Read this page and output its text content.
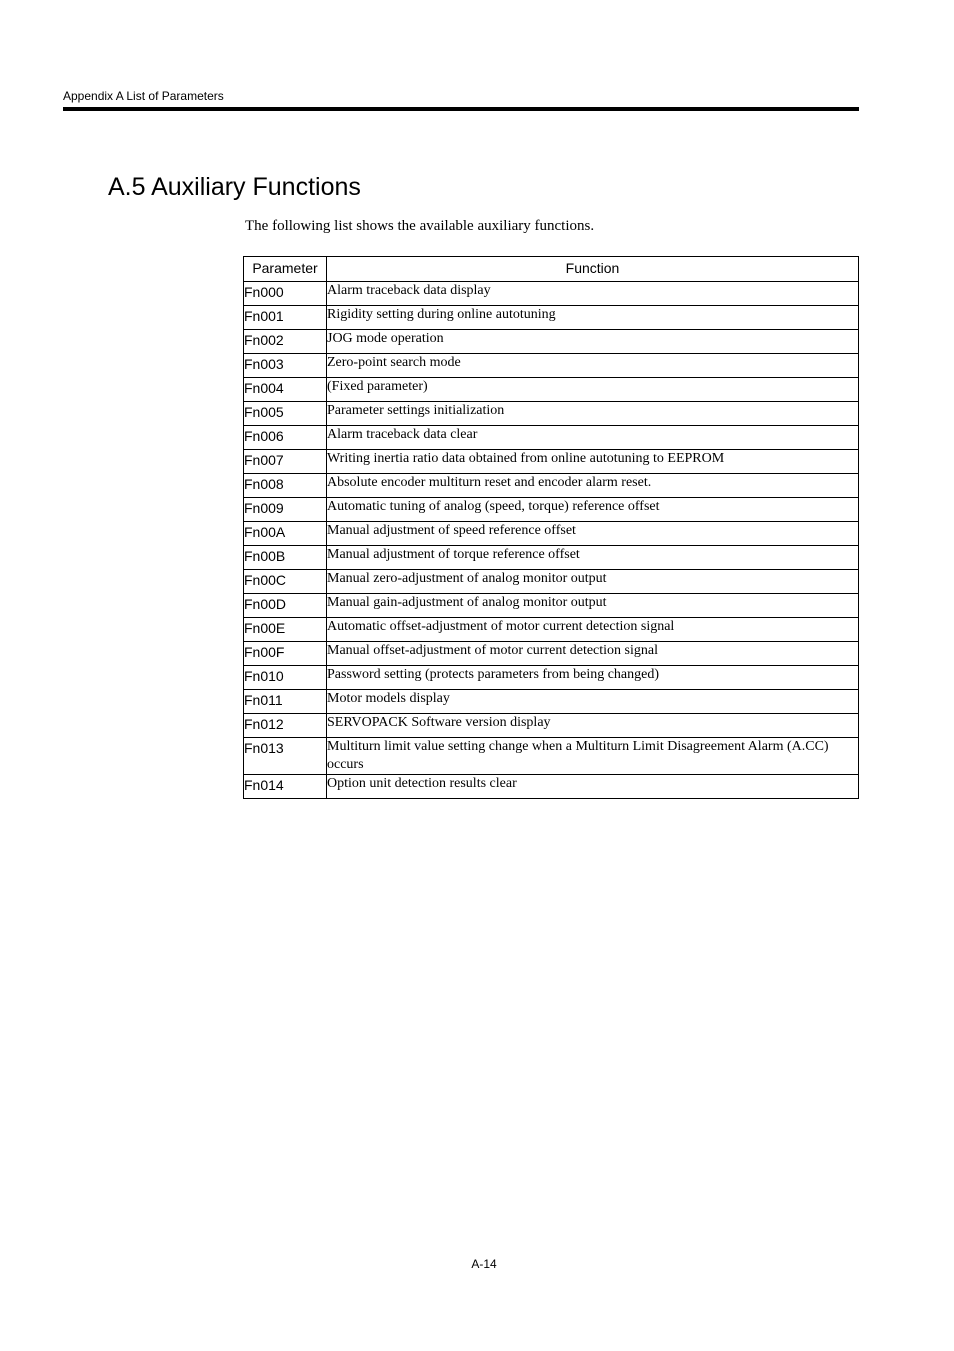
Appendix A List of Parameters
A.5 Auxiliary Functions
The following list shows the available auxiliary functions.
Parameter	Function
Fn000	Alarm traceback data display
Fn001	Rigidity setting during online autotuning
Fn002	JOG mode operation
Fn003	Zero-point search mode
Fn004	(Fixed parameter)
Fn005	Parameter settings initialization
Fn006	Alarm traceback data clear
Fn007	Writing inertia ratio data obtained from online autotuning to EEPROM
Fn008	Absolute encoder multiturn reset and encoder alarm reset.
Fn009	Automatic tuning of analog (speed, torque) reference offset
Fn00A	Manual adjustment of speed reference offset
Fn00B	Manual adjustment of torque reference offset
Fn00C	Manual zero-adjustment of analog monitor output
Fn00D	Manual gain-adjustment of analog monitor output
Fn00E	Automatic offset-adjustment of motor current detection signal
Fn00F	Manual offset-adjustment of motor current detection signal
Fn010	Password setting (protects parameters from being changed)
Fn011	Motor models display
Fn012	SERVOPACK Software version display
Fn013	Multiturn limit value setting change when a Multiturn Limit Disagreement Alarm (A.CC) occurs
Fn014	Option unit detection results clear
A-14
